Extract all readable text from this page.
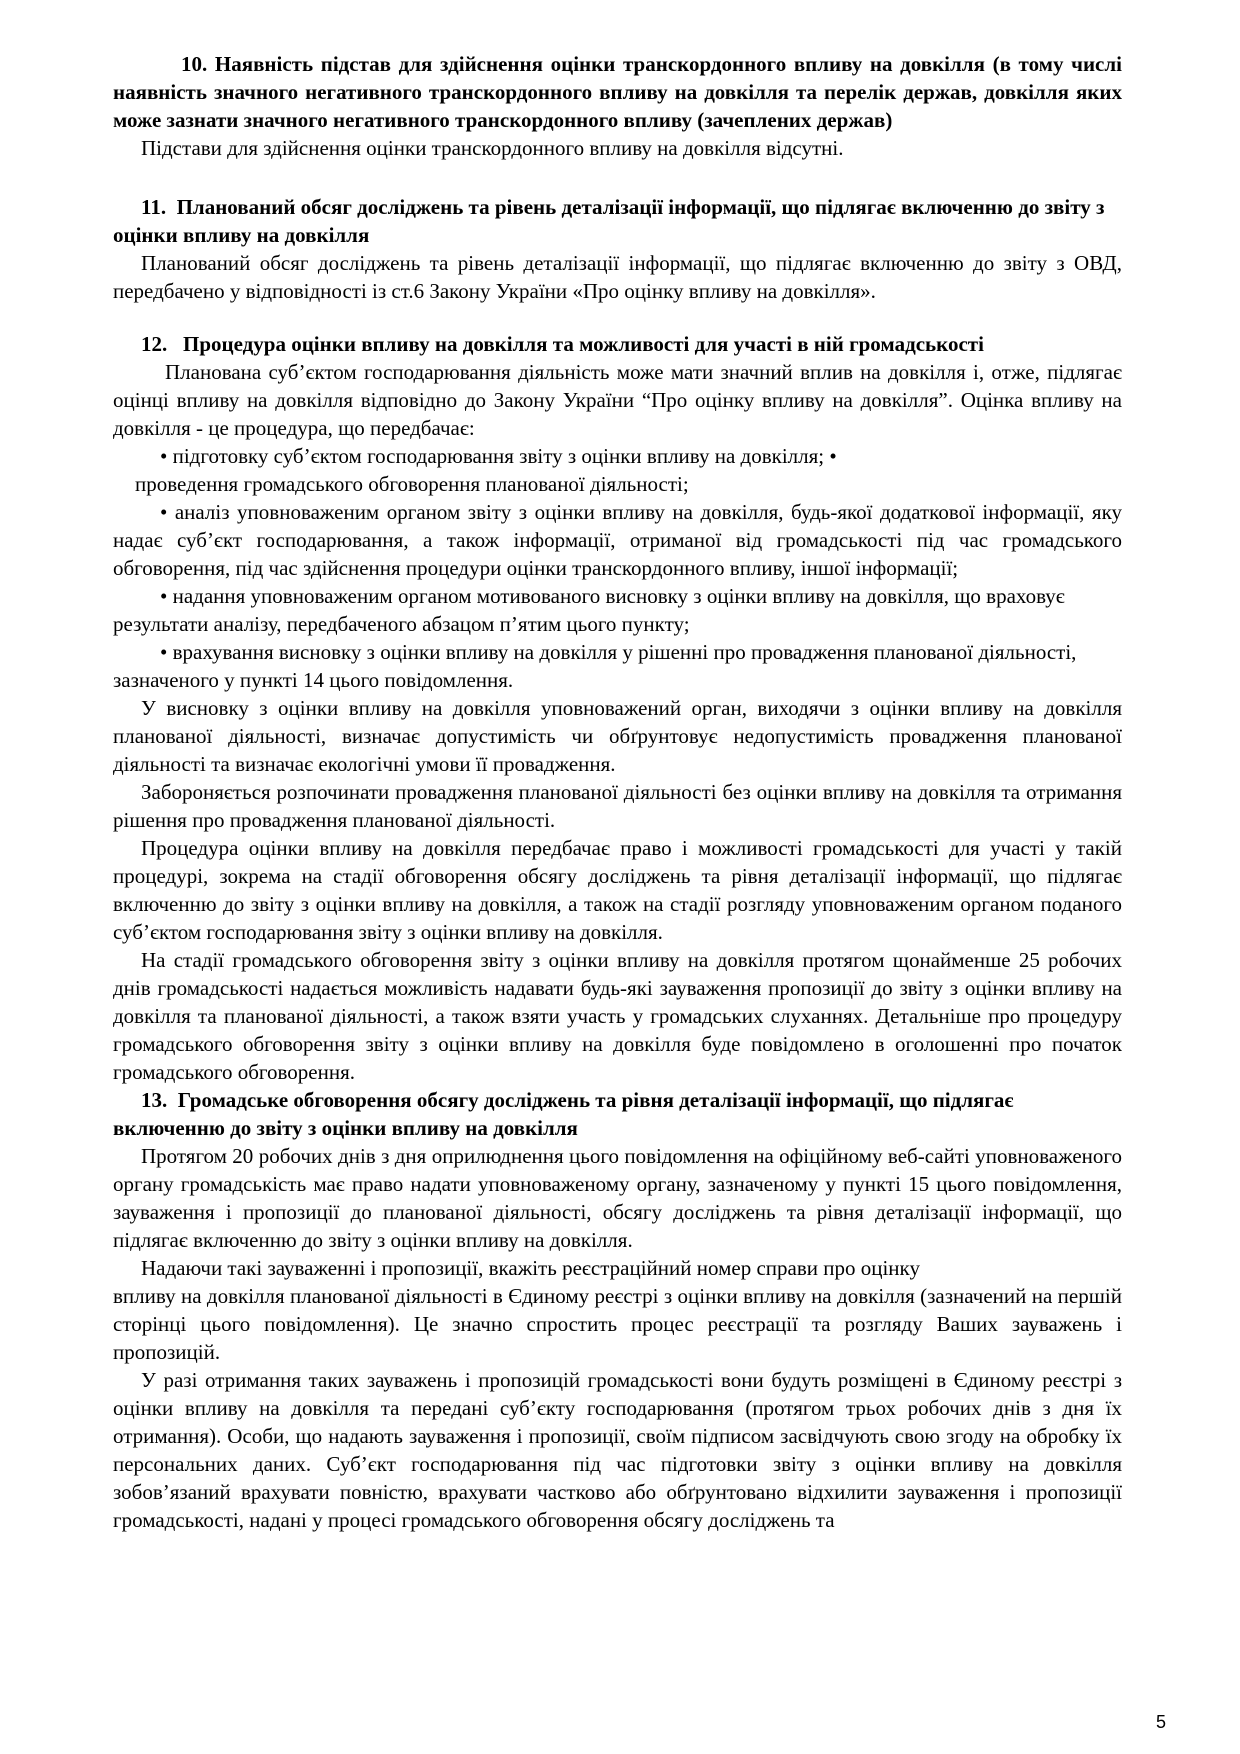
10. Наявність підстав для здійснення оцінки транскордонного впливу на довкілля (в тому числі наявність значного негативного транскордонного впливу на довкілля та перелік держав, довкілля яких може зазнати значного негативного транскордонного впливу (зачеплених держав)
Підстави для здійснення оцінки транскордонного впливу на довкілля відсутні.
11.  Планований обсяг досліджень та рівень деталізації інформації, що підлягає включенню до звіту з оцінки впливу на довкілля
Планований обсяг досліджень та рівень деталізації інформації, що підлягає включенню до звіту з ОВД, передбачено у відповідності із ст.6 Закону України «Про оцінку впливу на довкілля».
12.   Процедура оцінки впливу на довкілля та можливості для участі в ній громадськості
Планована суб’єктом господарювання діяльність може мати значний вплив на довкілля і, отже, підлягає оцінці впливу на довкілля відповідно до Закону України “Про оцінку впливу на довкілля”. Оцінка впливу на довкілля - це процедура, що передбачає:
• підготовку суб’єктом господарювання звіту з оцінки впливу на довкілля; •
проведення громадського обговорення планованої діяльності;
• аналіз уповноваженим органом звіту з оцінки впливу на довкілля, будь-якої додаткової інформації, яку надає суб’єкт господарювання, а також інформації, отриманої від громадськості під час громадського обговорення, під час здійснення процедури оцінки транскордонного впливу, іншої інформації;
• надання уповноваженим органом мотивованого висновку з оцінки впливу на довкілля, що враховує результати аналізу, передбаченого абзацом п’ятим цього пункту;
• врахування висновку з оцінки впливу на довкілля у рішенні про провадження планованої діяльності, зазначеного у пункті 14 цього повідомлення.
У висновку з оцінки впливу на довкілля уповноважений орган, виходячи з оцінки впливу на довкілля планованої діяльності, визначає допустимість чи обґрунтовує недопустимість провадження планованої діяльності та визначає екологічні умови її провадження.
Забороняється розпочинати провадження планованої діяльності без оцінки впливу на довкілля та отримання рішення про провадження планованої діяльності.
Процедура оцінки впливу на довкілля передбачає право і можливості громадськості для участі у такій процедурі, зокрема на стадії обговорення обсягу досліджень та рівня деталізації інформації, що підлягає включенню до звіту з оцінки впливу на довкілля, а також на стадії розгляду уповноваженим органом поданого суб’єктом господарювання звіту з оцінки впливу на довкілля.
На стадії громадського обговорення звіту з оцінки впливу на довкілля протягом щонайменше 25 робочих днів громадськості надається можливість надавати будь-які зауваження пропозиції до звіту з оцінки впливу на довкілля та планованої діяльності, а також взяти участь у громадських слуханнях. Детальніше про процедуру громадського обговорення звіту з оцінки впливу на довкілля буде повідомлено в оголошенні про початок громадського обговорення.
13.  Громадське обговорення обсягу досліджень та рівня деталізації інформації, що підлягає включенню до звіту з оцінки впливу на довкілля
Протягом 20 робочих днів з дня оприлюднення цього повідомлення на офіційному веб-сайті уповноваженого органу громадськість має право надати уповноваженому органу, зазначеному у пункті 15 цього повідомлення, зауваження і пропозиції до планованої діяльності, обсягу досліджень та рівня деталізації інформації, що підлягає включенню до звіту з оцінки впливу на довкілля.
Надаючи такі зауваженні і пропозиції, вкажіть реєстраційний номер справи про оцінку
впливу на довкілля планованої діяльності в Єдиному реєстрі з оцінки впливу на довкілля (зазначений на першій сторінці цього повідомлення). Це значно спростить процес реєстрації та розгляду Ваших зауважень і пропозицій.
У разі отримання таких зауважень і пропозицій громадськості вони будуть розміщені в Єдиному реєстрі з оцінки впливу на довкілля та передані суб’єкту господарювання (протягом трьох робочих днів з дня їх отримання). Особи, що надають зауваження і пропозиції, своїм підписом засвідчують свою згоду на обробку їх персональних даних. Суб’єкт господарювання під час підготовки звіту з оцінки впливу на довкілля зобов’язаний врахувати повністю, врахувати частково або обґрунтовано відхилити зауваження і пропозиції громадськості, надані у процесі громадського обговорення обсягу досліджень та
5
